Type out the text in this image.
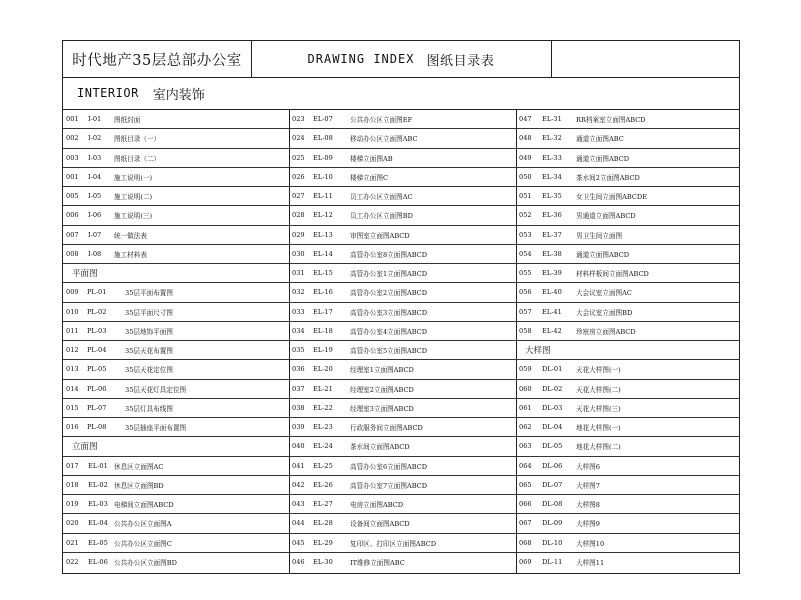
时代地产35层总部办公室	DRAWING INDEX 图纸目录表
INTERIOR 室内装饰
001 I-01 图纸封面
002 I-02 图纸目录（一）
003 I-03 图纸目录（二）
001 I-04 施工说明(一)
005 I-05 施工说明(二)
006 I-06 施工说明(三)
007 I-07 统一做法表
008 I-08 施工材料表
平面图
009 PL-01	35层平面布置图
010 PL-02	35层平面尺寸图
011 PL-03	35层地饰平面图
012 PL-04	35层天花布置图
013 PL-05	35层天花定位图
014 PL-06	35层天花灯具定位图
015 PL-07	35层灯具布线图
016 PL-08	35层插座平面布置图
立面图
017 EL-01 休息区立面图AC
018 EL-02 休息区立面图BD
019 EL-03 电梯间立面图ABCD
020 EL-04 公共办公区立面图A
021 EL-05 公共办公区立面图C
022 EL-06 公共办公区立面图BD
023 EL-07	公共办公区立面图EF
024 EL-08	移动办公区立面图ABC
025 EL-09	楼梯立面图AB
026 EL-10	楼梯立面图C
027 EL-11	员工办公区立面图AC
028 EL-12	员工办公区立面图BD
029 EL-13	审图室立面图ABCD
030 EL-14	高管办公室8立面图ABCD
031 EL-15	高管办公室1立面图ABCD
032 EL-16	高管办公室2立面图ABCD
033 EL-17	高管办公室3立面图ABCD
034 EL-18	高管办公室4立面图ABCD
035 EL-19	高管办公室5立面图ABCD
036 EL-20	经理室1立面图ABCD
037 EL-21	经理室2立面图ABCD
038 EL-22	经理室3立面图ABCD
039 EL-23	行政服务间立面图ABCD
040 EL-24	茶水间立面图ABCD
041 EL-25	高管办公室6立面图ABCD
042 EL-26	高管办公室7立面图ABCD
043 EL-27	电房立面图ABCD
044 EL-28	设备间立面图ABCD
045 EL-29	复印区、打印区立面图ABCD
046 EL-30	IT维修立面图ABC
047 EL-31 RR档案室立面图ABCD
048 EL-32 通道立面图ABC
049 EL-33 通道立面图ABCD
050 EL-34 茶水间2立面图ABCD
051 EL-35 女卫生间立面图ABCDE
052 EL-36 男通道立面图ABCD
053 EL-37 男卫生间立面图
054 EL-38 通道立面图ABCD
055 EL-39 材料样板间立面图ABCD
056 EL-40 大会议室立面图AC
057 EL-41 大会议室立面图BD
058 EL-42 珍宸房立面图ABCD
大样图
059 DL-01 天花大样图(一)
060 DL-02 天花大样图(二)
061 DL-03 天花大样图(三)
062 DL-04 地花大样图(一)
063 DL-05 地花大样图(二)
064 DL-06 大样图6
065 DL-07 大样图7
066 DL-08 大样图8
067 DL-09 大样图9
068 DL-10 大样图10
069 DL-11 大样图11
